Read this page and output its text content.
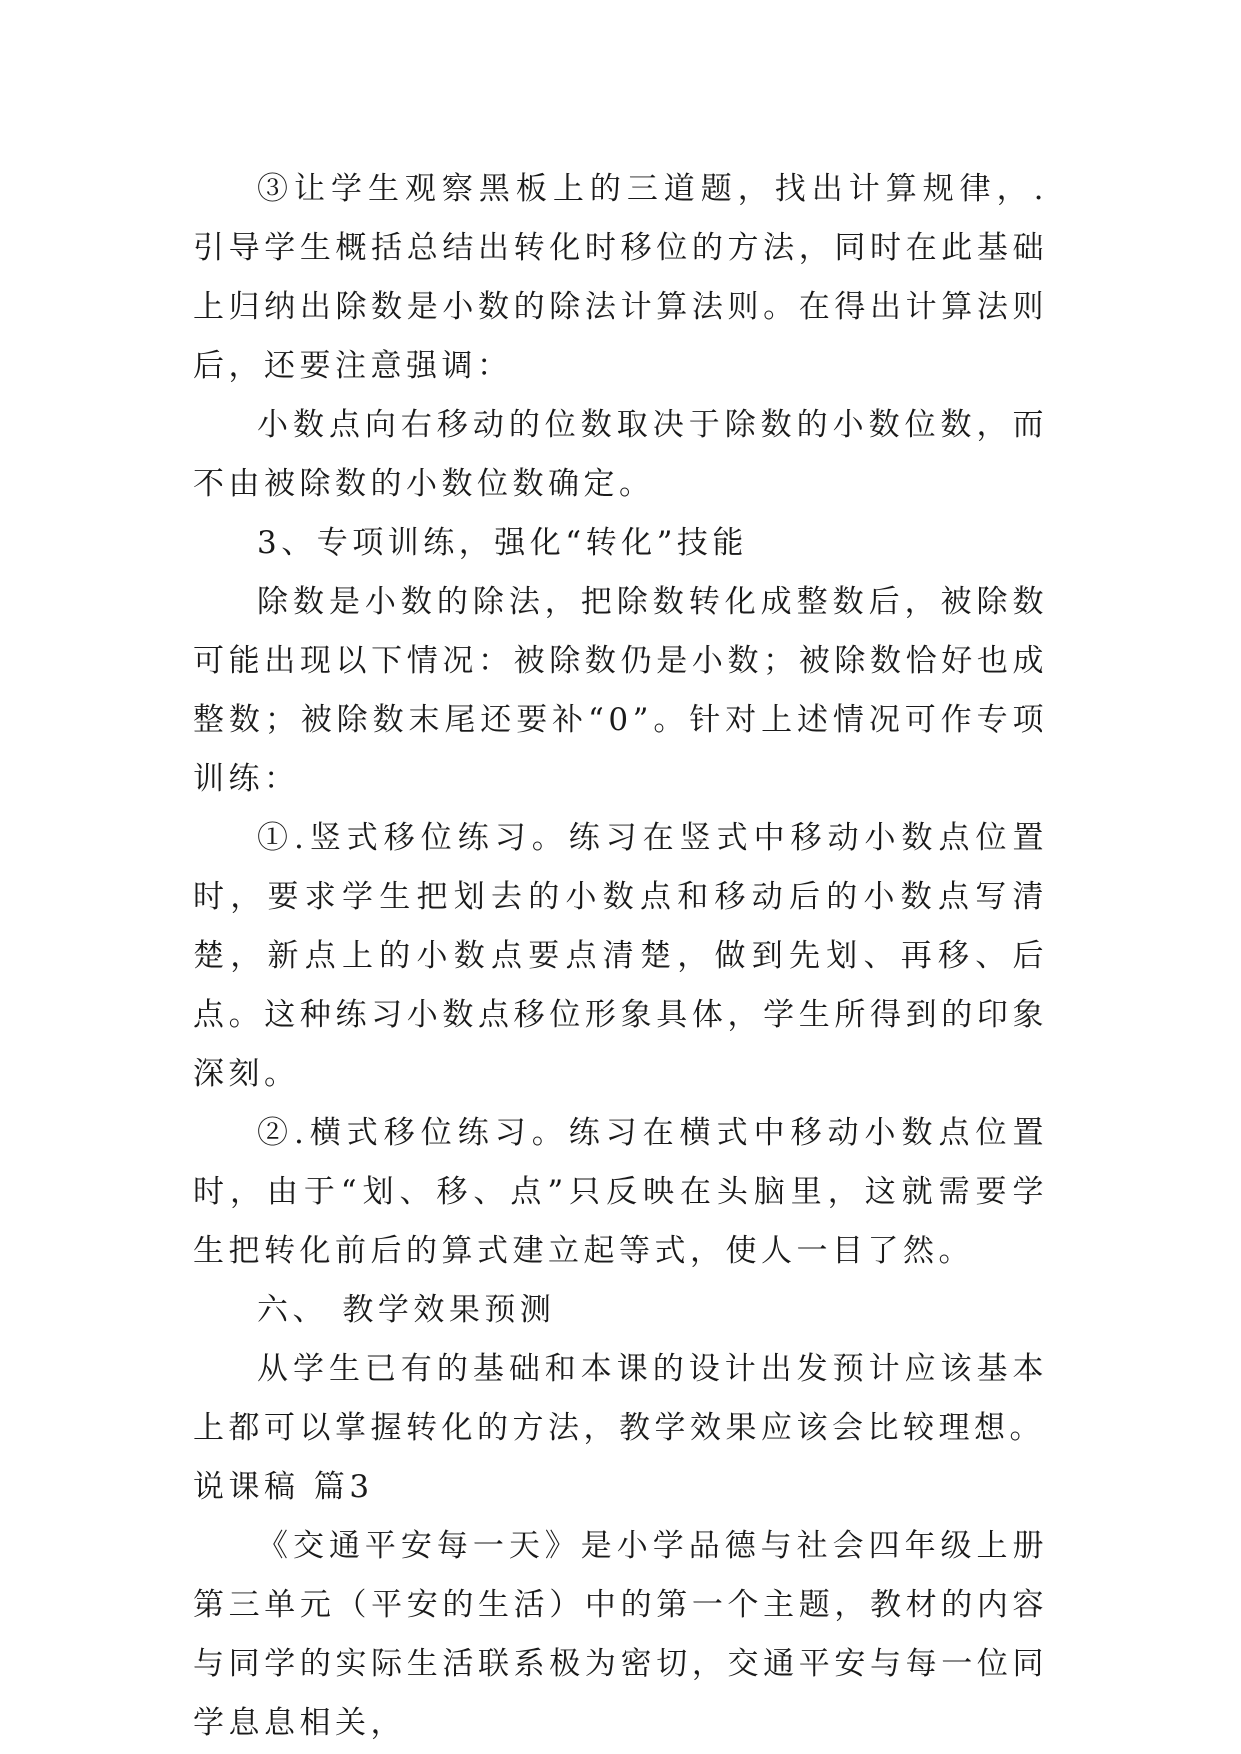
③让学生观察黑板上的三道题，找出计算规律，.引导学生概括总结出转化时移位的方法，同时在此基础上归纳出除数是小数的除法计算法则。在得出计算法则后，还要注意强调：

小数点向右移动的位数取决于除数的小数位数，而不由被除数的小数位数确定。

3、专项训练，强化“转化”技能

除数是小数的除法，把除数转化成整数后，被除数可能出现以下情况：被除数仍是小数；被除数恰好也成整数；被除数末尾还要补“0”。针对上述情况可作专项训练：

①.竖式移位练习。练习在竖式中移动小数点位置时，要求学生把划去的小数点和移动后的小数点写清楚，新点上的小数点要点清楚，做到先划、再移、后点。这种练习小数点移位形象具体，学生所得到的印象深刻。

②.横式移位练习。练习在横式中移动小数点位置时，由于“划、移、点”只反映在头脑里，这就需要学生把转化前后的算式建立起等式，使人一目了然。

六、 教学效果预测

从学生已有的基础和本课的设计出发预计应该基本上都可以掌握转化的方法，教学效果应该会比较理想。

说课稿 篇3

《交通平安每一天》是小学品德与社会四年级上册第三单元（平安的生活）中的第一个主题，教材的内容与同学的实际生活联系极为密切，交通平安与每一位同学息息相关，
